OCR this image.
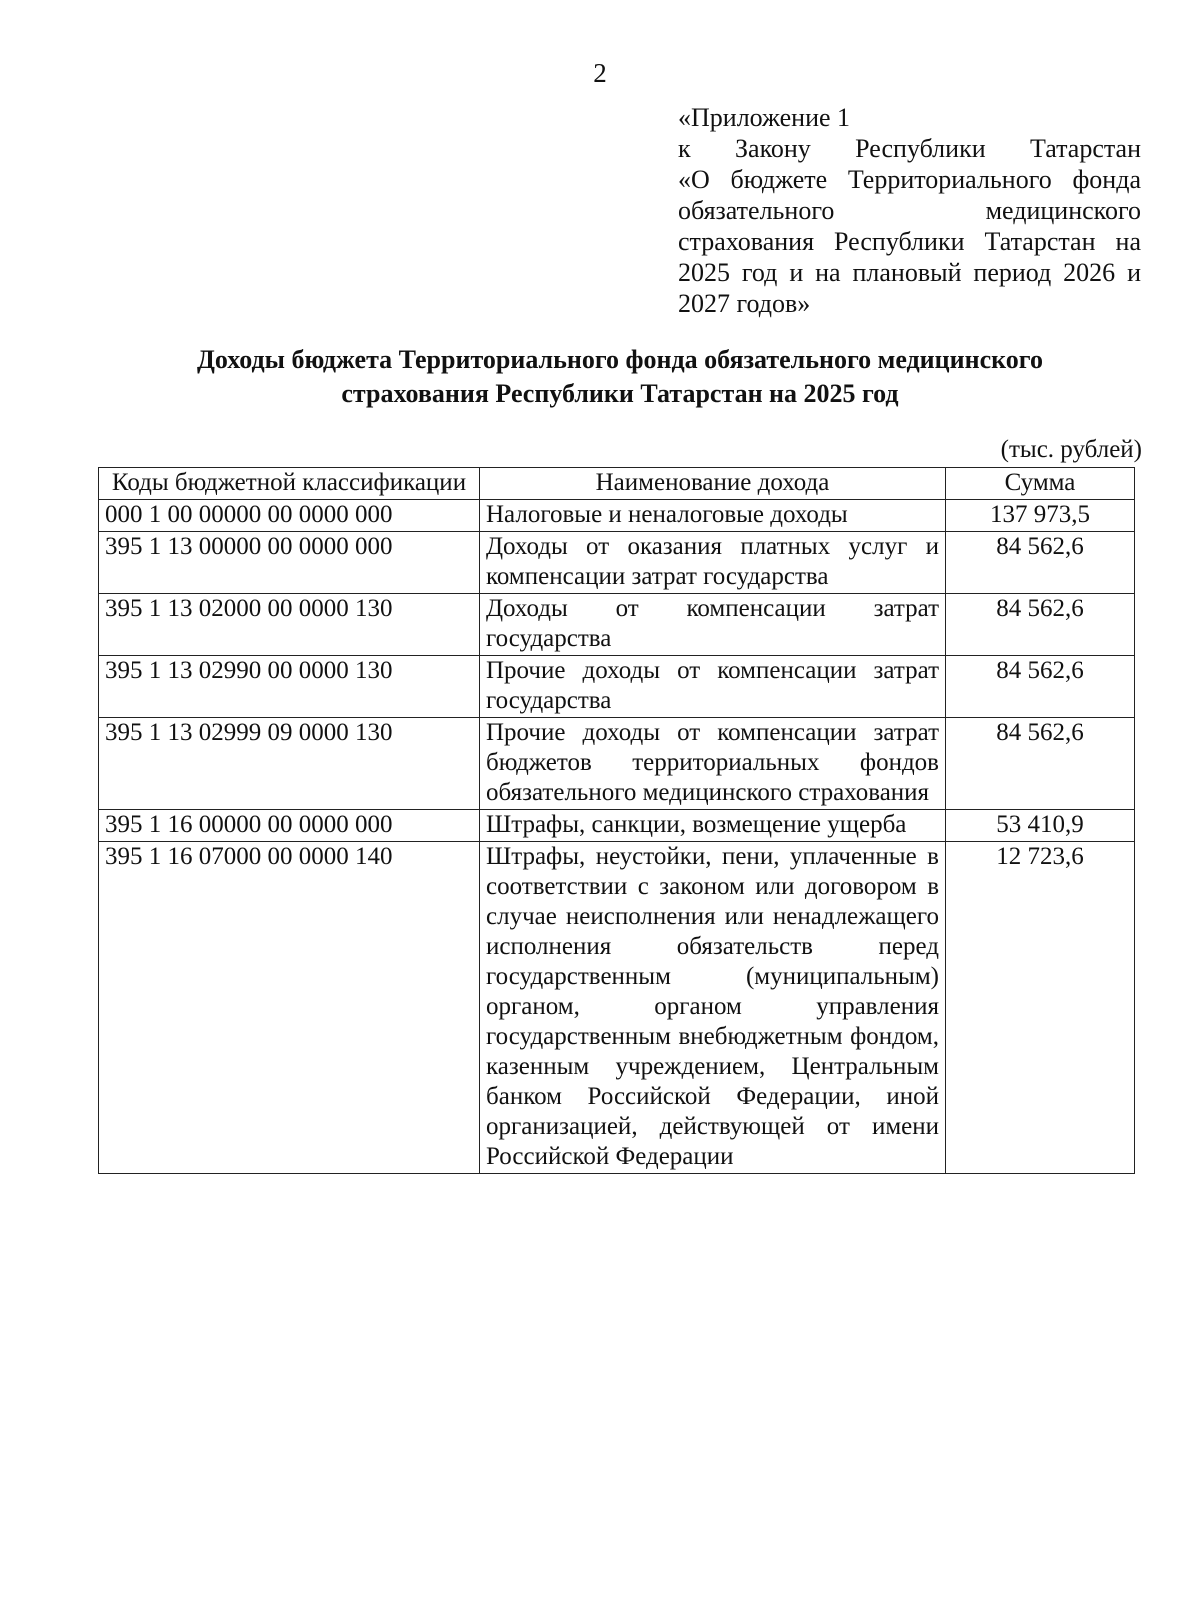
2
«Приложение 1
к Закону Республики Татарстан
«О бюджете Территориального фонда
обязательного медицинского
страхования Республики Татарстан на
2025 год и на плановый период 2026 и
2027 годов»
Доходы бюджета Территориального фонда обязательного медицинского
страхования Республики Татарстан на 2025 год
(тыс. рублей)
Коды бюджетной классификации	Наименование дохода	Сумма
000 1 00 00000 00 0000 000	Налоговые и неналоговые доходы	137 973,5
395 1 13 00000 00 0000 000	Доходы от оказания платных услуг и компенсации затрат государства	84 562,6
395 1 13 02000 00 0000 130	Доходы от компенсации затрат государства	84 562,6
395 1 13 02990 00 0000 130	Прочие доходы от компенсации затрат государства	84 562,6
395 1 13 02999 09 0000 130	Прочие доходы от компенсации затрат бюджетов территориальных фондов обязательного медицинского страхования	84 562,6
395 1 16 00000 00 0000 000	Штрафы, санкции, возмещение ущерба	53 410,9
395 1 16 07000 00 0000 140	Штрафы, неустойки, пени, уплаченные в соответствии с законом или договором в случае неисполнения или ненадлежащего исполнения обязательств перед государственным (муниципальным) органом, органом управления государственным внебюджетным фондом, казенным учреждением, Центральным банком Российской Федерации, иной организацией, действующей от имени Российской Федерации	12 723,6
